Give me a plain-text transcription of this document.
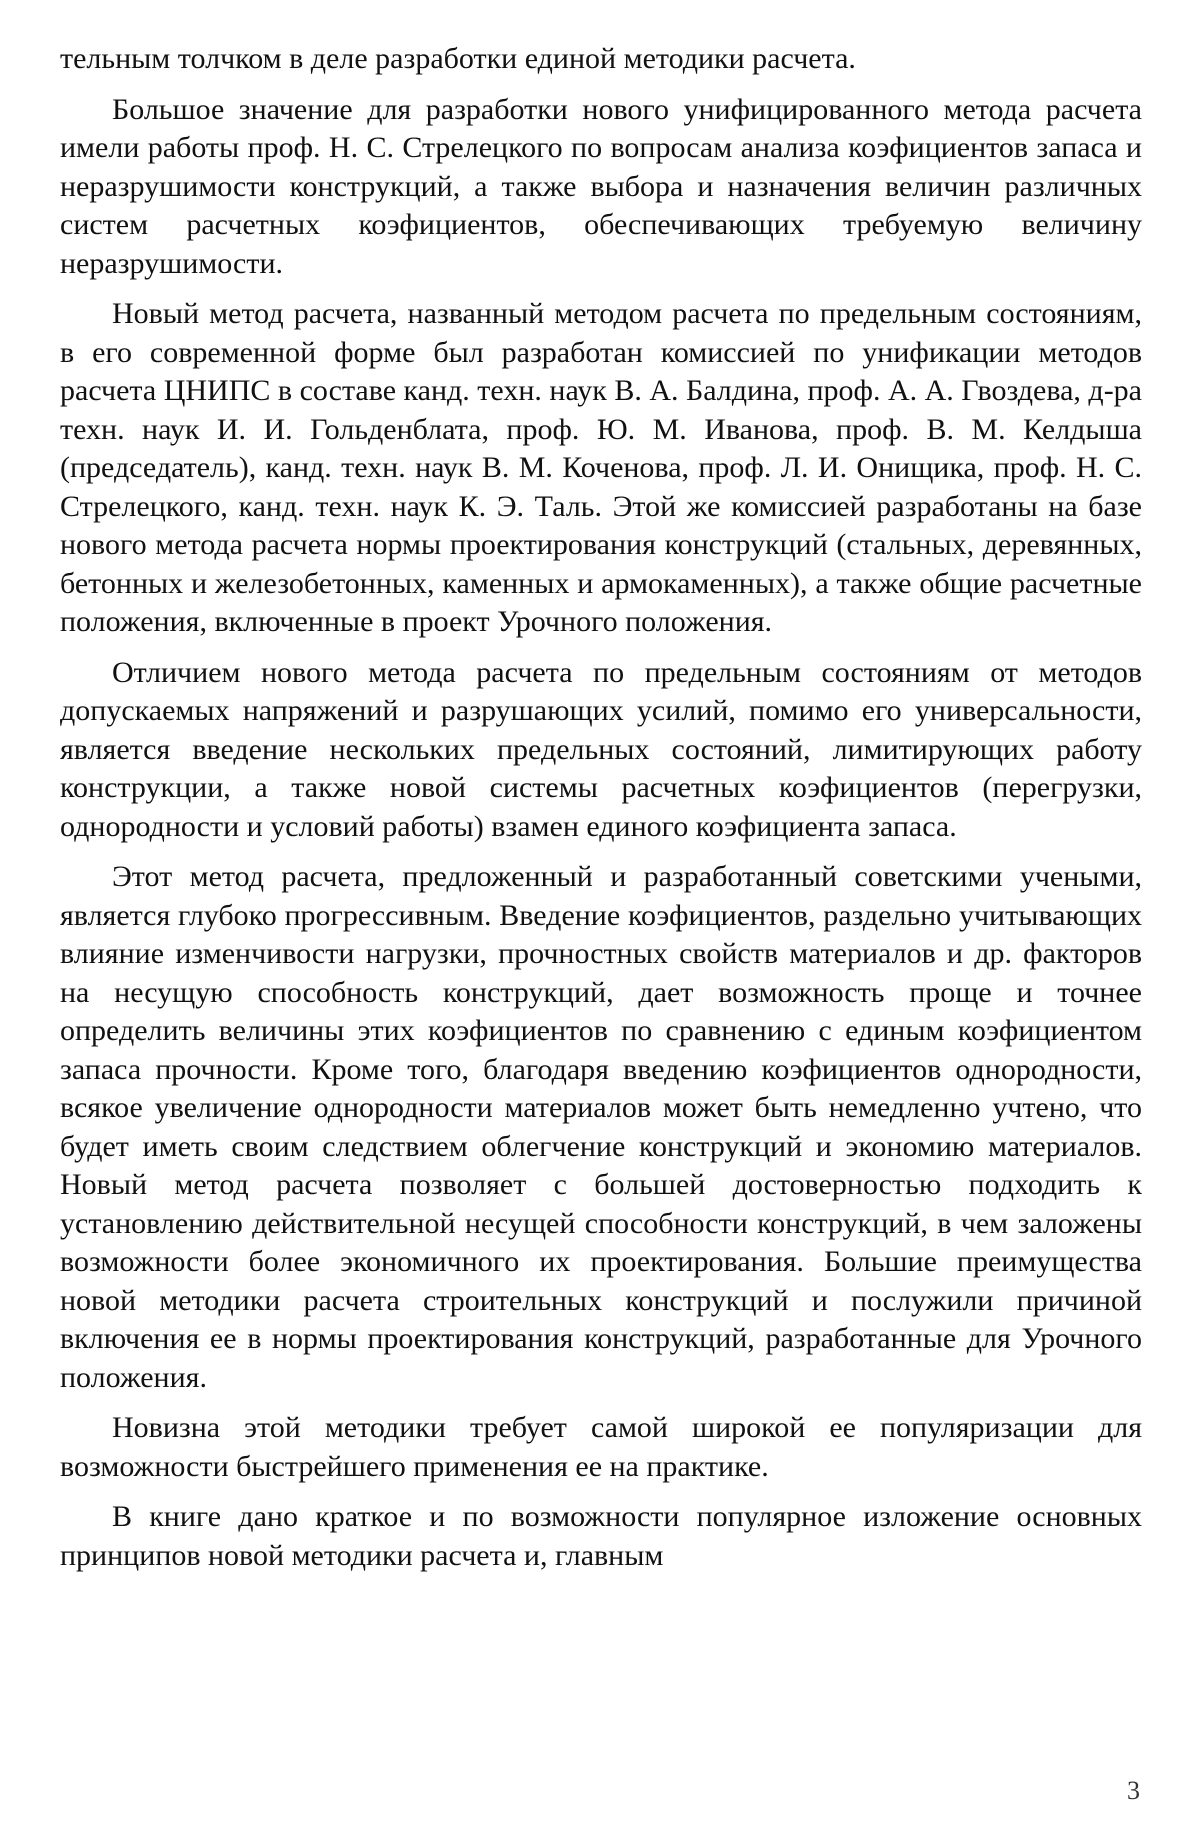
тельным толчком в деле разработки единой методики расчета.

Большое значение для разработки нового унифицированного метода расчета имели работы проф. Н. С. Стрелецкого по вопросам анализа коэфициентов запаса и неразрушимости конструкций, а также выбора и назначения величин различных систем расчетных коэфициентов, обеспечивающих требуемую величину неразрушимости.

Новый метод расчета, названный методом расчета по предельным состояниям, в его современной форме был разработан комиссией по унификации методов расчета ЦНИПС в составе канд. техн. наук В. А. Балдина, проф. А. А. Гвоздева, д-ра техн. наук И. И. Гольденблата, проф. Ю. М. Иванова, проф. В. М. Келдыша (председатель), канд. техн. наук В. М. Коченова, проф. Л. И. Онищика, проф. Н. С. Стрелецкого, канд. техн. наук К. Э. Таль. Этой же комиссией разработаны на базе нового метода расчета нормы проектирования конструкций (стальных, деревянных, бетонных и железобетонных, каменных и армокаменных), а также общие расчетные положения, включенные в проект Урочного положения.

Отличием нового метода расчета по предельным состояниям от методов допускаемых напряжений и разрушающих усилий, помимо его универсальности, является введение нескольких предельных состояний, лимитирующих работу конструкции, а также новой системы расчетных коэфициентов (перегрузки, однородности и условий работы) взамен единого коэфициента запаса.

Этот метод расчета, предложенный и разработанный советскими учеными, является глубоко прогрессивным. Введение коэфициентов, раздельно учитывающих влияние изменчивости нагрузки, прочностных свойств материалов и др. факторов на несущую способность конструкций, дает возможность проще и точнее определить величины этих коэфициентов по сравнению с единым коэфициентом запаса прочности. Кроме того, благодаря введению коэфициентов однородности, всякое увеличение однородности материалов может быть немедленно учтено, что будет иметь своим следствием облегчение конструкций и экономию материалов. Новый метод расчета позволяет с большей достоверностью подходить к установлению действительной несущей способности конструкций, в чем заложены возможности более экономичного их проектирования. Большие преимущества новой методики расчета строительных конструкций и послужили причиной включения ее в нормы проектирования конструкций, разработанные для Урочного положения.

Новизна этой методики требует самой широкой ее популяризации для возможности быстрейшего применения ее на практике.

В книге дано краткое и по возможности популярное изложение основных принципов новой методики расчета и, главным

3
